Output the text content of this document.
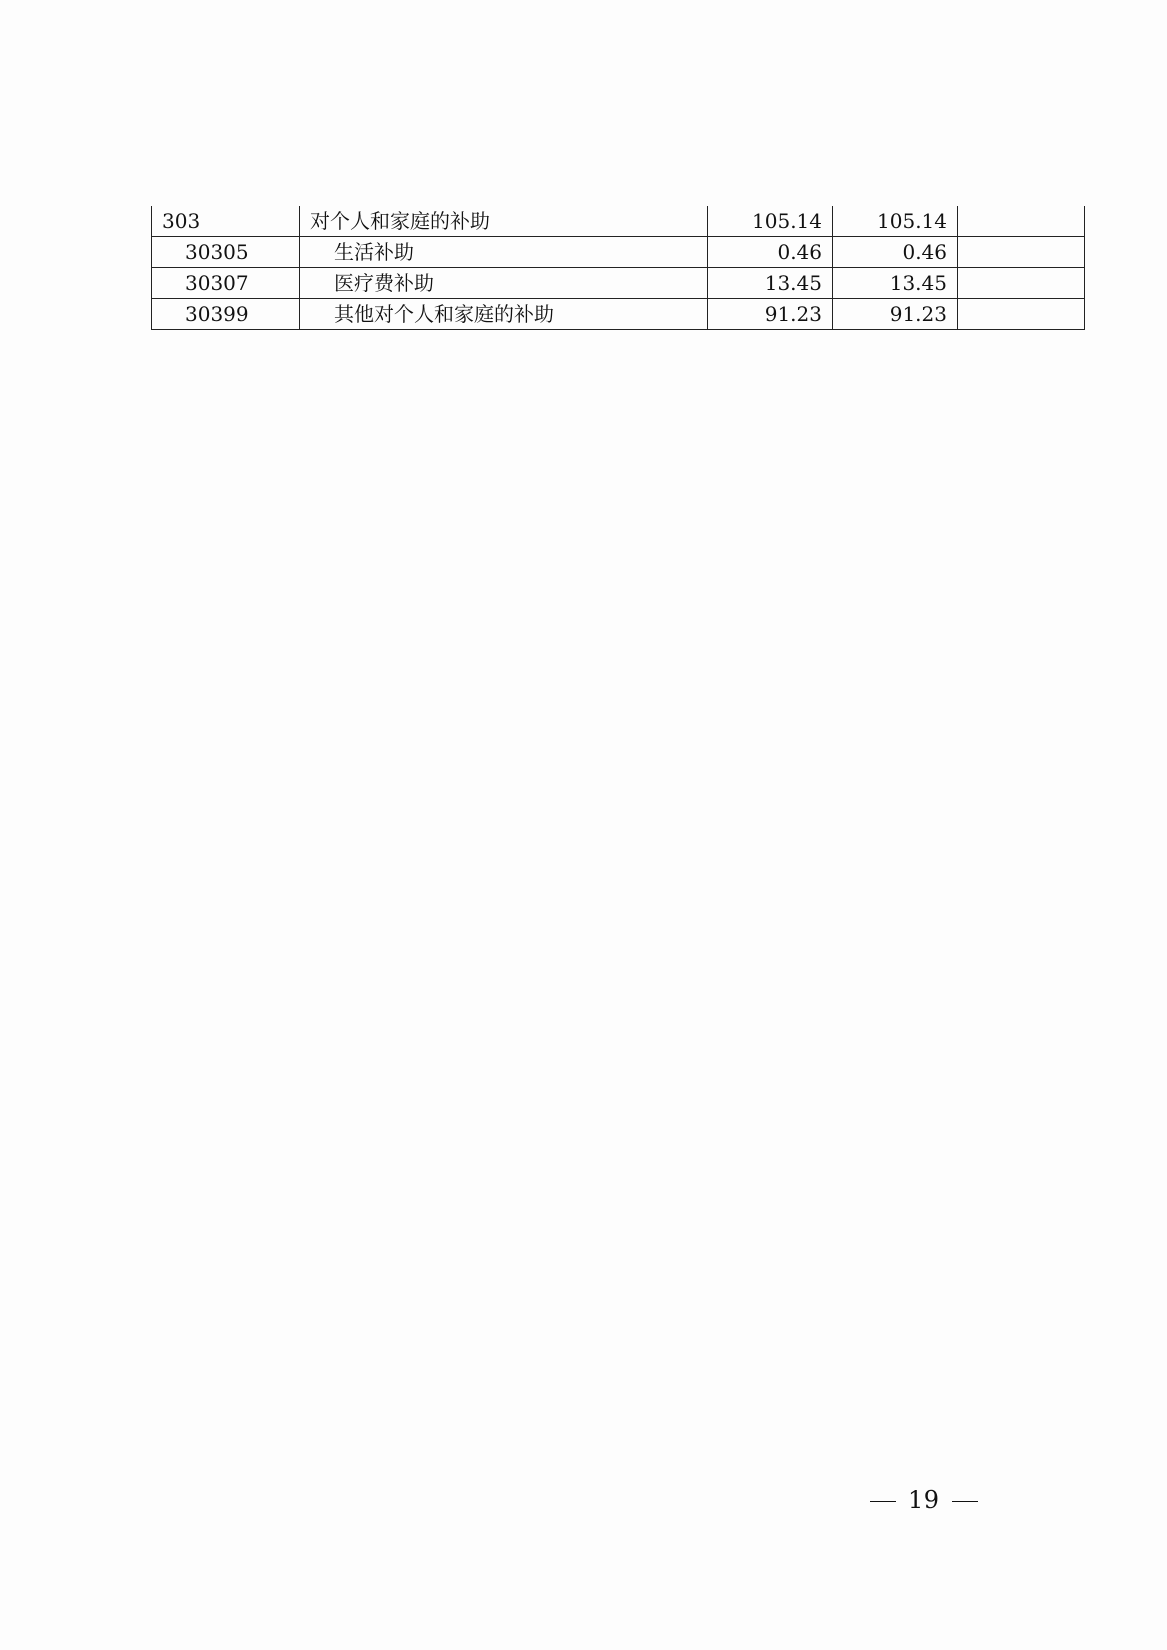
303	对个人和家庭的补助	105.14	105.14	
30305	生活补助	0.46	0.46	
30307	医疗费补助	13.45	13.45	
30399	其他对个人和家庭的补助	91.23	91.23	
19
